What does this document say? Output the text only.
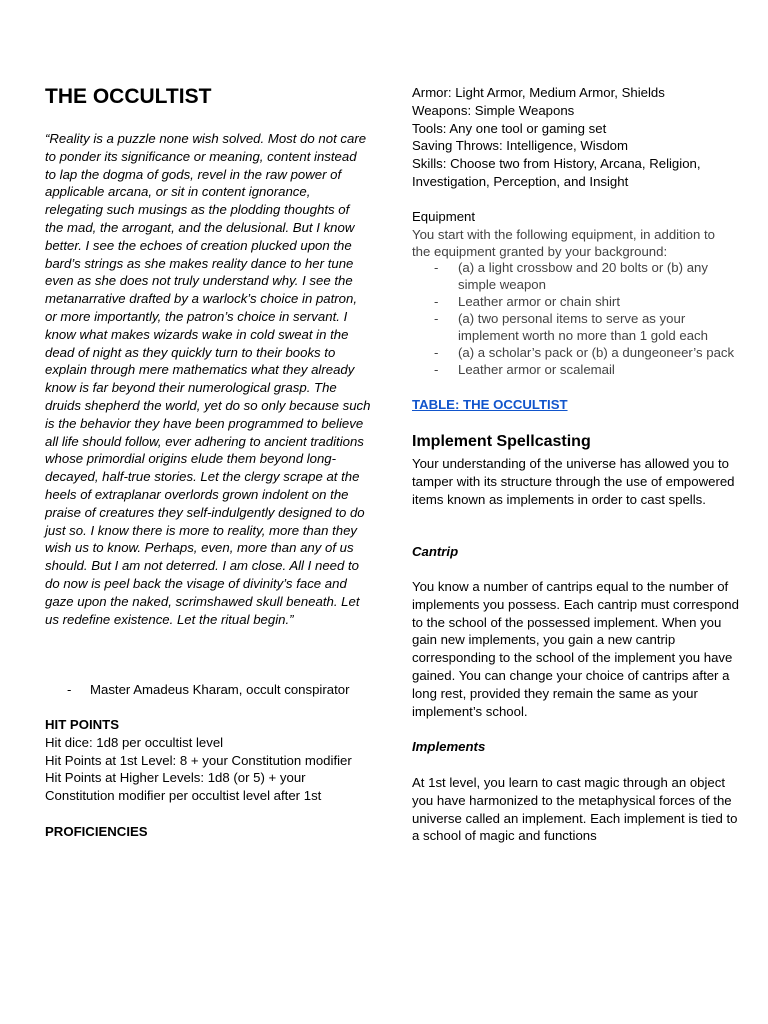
THE OCCULTIST

“Reality is a puzzle none wish solved. Most do not care to ponder its significance or meaning, content instead to lap the dogma of gods, revel in the raw power of applicable arcana, or sit in content ignorance, relegating such musings as the plodding thoughts of the mad, the arrogant, and the delusional. But I know better. I see the echoes of creation plucked upon the bard’s strings as she makes reality dance to her tune even as she does not truly understand why. I see the metanarrative drafted by a warlock’s choice in patron, or more importantly, the patron’s choice in servant. I know what makes wizards wake in cold sweat in the dead of night as they quickly turn to their books to explain through mere mathematics what they already know is far beyond their numerological grasp. The druids shepherd the world, yet do so only because such is the behavior they have been programmed to believe all life should follow, ever adhering to ancient traditions whose primordial origins elude them beyond long-decayed, half-true stories. Let the clergy scrape at the heels of extraplanar overlords grown indolent on the praise of creatures they self-indulgently designed to do just so. I know there is more to reality, more than they wish us to know. Perhaps, even, more than any of us should. But I am not deterred. I am close. All I need to do now is peel back the visage of divinity’s face and gaze upon the naked, scrimshawed skull beneath. Let us redefine existence. Let the ritual begin.”

- Master Amadeus Kharam, occult conspirator
HIT POINTS
Hit dice: 1d8 per occultist level
Hit Points at 1st Level: 8 + your Constitution modifier
Hit Points at Higher Levels: 1d8 (or 5) + your
Constitution modifier per occultist level after 1st
PROFICIENCIES
Armor: Light Armor, Medium Armor, Shields
Weapons: Simple Weapons
Tools: Any one tool or gaming set
Saving Throws: Intelligence, Wisdom
Skills: Choose two from History, Arcana, Religion,
Investigation, Perception, and Insight
Equipment
You start with the following equipment, in addition to
the equipment granted by your background:
- (a) a light crossbow and 20 bolts or (b) any simple weapon
- Leather armor or chain shirt
- (a) two personal items to serve as your implement worth no more than 1 gold each
- (a) a scholar’s pack or (b) a dungeoneer’s pack
- Leather armor or scalemail
TABLE: THE OCCULTIST
Implement Spellcasting

Your understanding of the universe has allowed you to tamper with its structure through the use of empowered items known as implements in order to cast spells.

Cantrip

You know a number of cantrips equal to the number of implements you possess. Each cantrip must correspond to the school of the possessed implement. When you gain new implements, you gain a new cantrip corresponding to the school of the implement you have gained. You can change your choice of cantrips after a long rest, provided they remain the same as your implement’s school.

Implements

At 1st level, you learn to cast magic through an object you have harmonized to the metaphysical forces of the universe called an implement. Each implement is tied to a school of magic and functions
